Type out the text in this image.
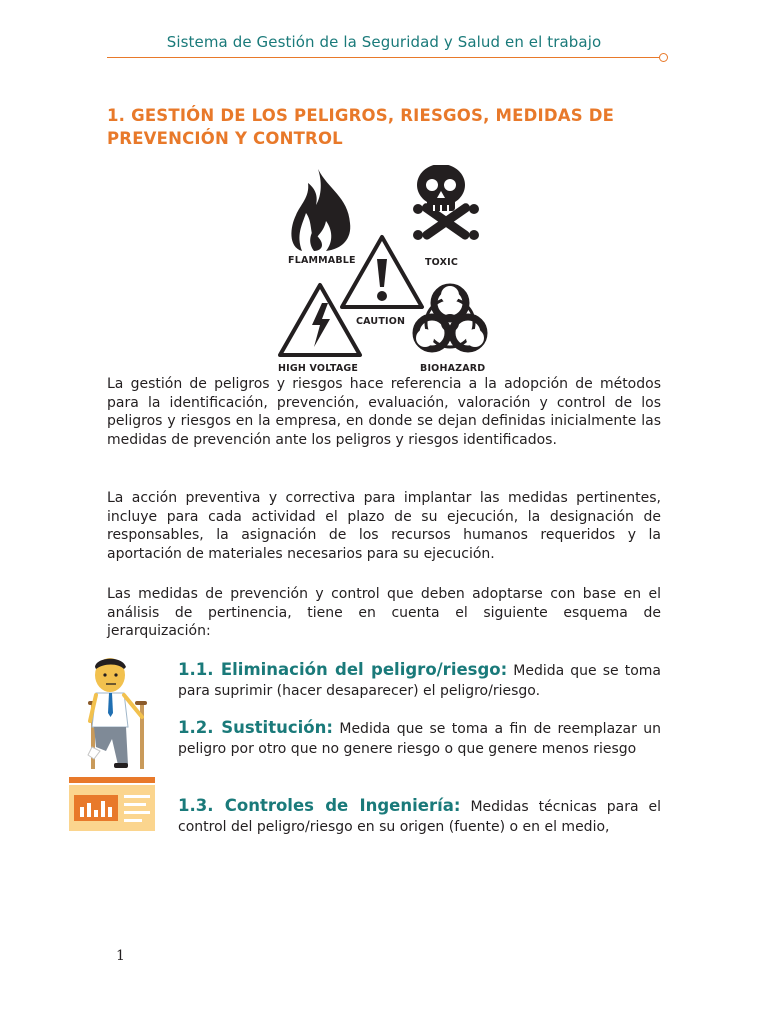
Sistema de Gestión de la Seguridad y Salud en el trabajo
1. GESTIÓN DE LOS PELIGROS, RIESGOS, MEDIDAS DE PREVENCIÓN Y CONTROL
FLAMMABLE	TOXIC
CAUTION
HIGH VOLTAGE	BIOHAZARD

La gestión de peligros y riesgos hace referencia a la adopción de métodos para la identificación, prevención, evaluación, valoración y control de los peligros y riesgos en la empresa, en donde se dejan definidas inicialmente las medidas de prevención ante los peligros y riesgos identificados.

La acción preventiva y correctiva para implantar las medidas pertinentes, incluye para cada actividad el plazo de su ejecución, la designación de responsables, la asignación de los recursos humanos requeridos y la aportación de materiales necesarios para su ejecución.

Las medidas de prevención y control que deben adoptarse con base en el análisis de pertinencia, tiene en cuenta el siguiente esquema de jerarquización:

1.1. Eliminación del peligro/riesgo: Medida que se toma para suprimir (hacer desaparecer) el peligro/riesgo.

1.2. Sustitución: Medida que se toma a fin de reemplazar un peligro por otro que no genere riesgo o que genere menos riesgo

1.3. Controles de Ingeniería: Medidas técnicas para el control del peligro/riesgo en su origen (fuente) o en el medio,

1
